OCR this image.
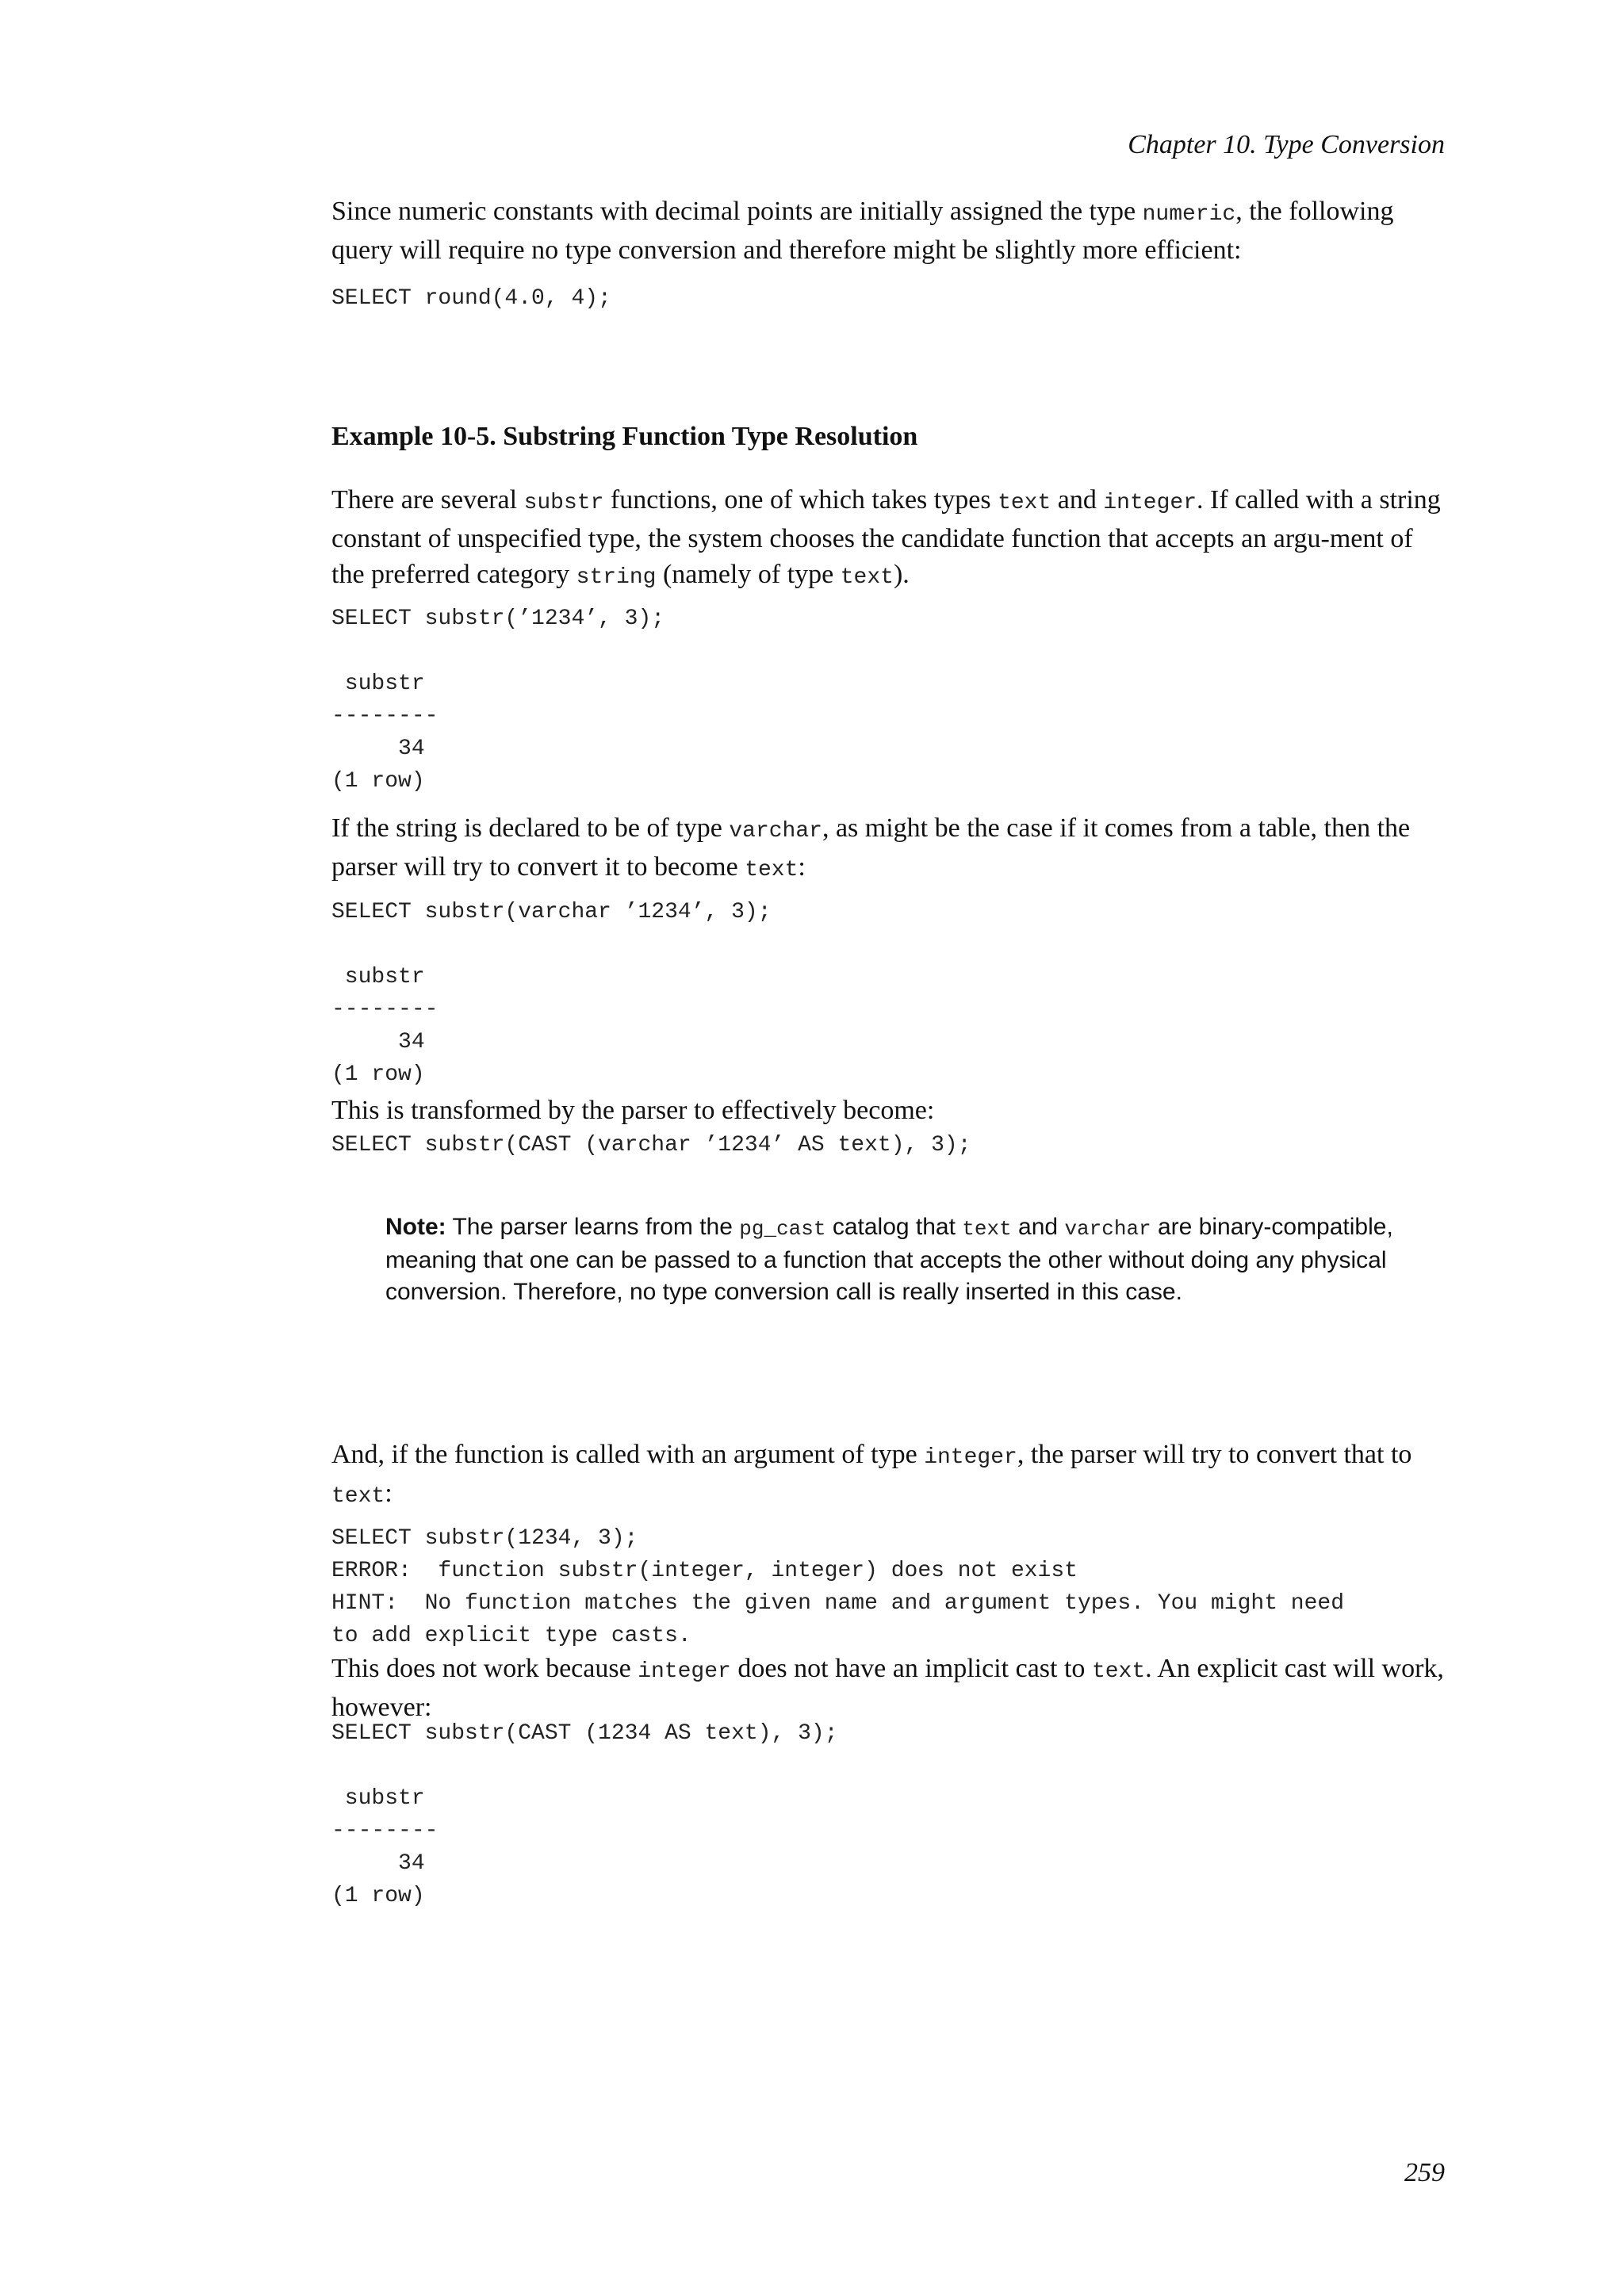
Chapter 10. Type Conversion

Since numeric constants with decimal points are initially assigned the type numeric, the following query will require no type conversion and therefore might be slightly more efficient:

SELECT round(4.0, 4);
Example 10-5. Substring Function Type Resolution

There are several substr functions, one of which takes types text and integer. If called with a string constant of unspecified type, the system chooses the candidate function that accepts an argu-ment of the preferred category string (namely of type text).

SELECT substr(’1234’, 3);

substr
--------
34
(1 row)

If the string is declared to be of type varchar, as might be the case if it comes from a table, then the parser will try to convert it to become text:

SELECT substr(varchar ’1234’, 3);

substr
--------
34
(1 row)

This is transformed by the parser to effectively become:

SELECT substr(CAST (varchar ’1234’ AS text), 3);

Note: The parser learns from the pg_cast catalog that text and varchar are binary-compatible, meaning that one can be passed to a function that accepts the other without doing any physical conversion. Therefore, no type conversion call is really inserted in this case.

And, if the function is called with an argument of type integer, the parser will try to convert that to text:

SELECT substr(1234, 3);
ERROR:  function substr(integer, integer) does not exist
HINT:  No function matches the given name and argument types. You might need
to add explicit type casts.

This does not work because integer does not have an implicit cast to text. An explicit cast will work, however:

SELECT substr(CAST (1234 AS text), 3);

substr
--------
34
(1 row)
259
